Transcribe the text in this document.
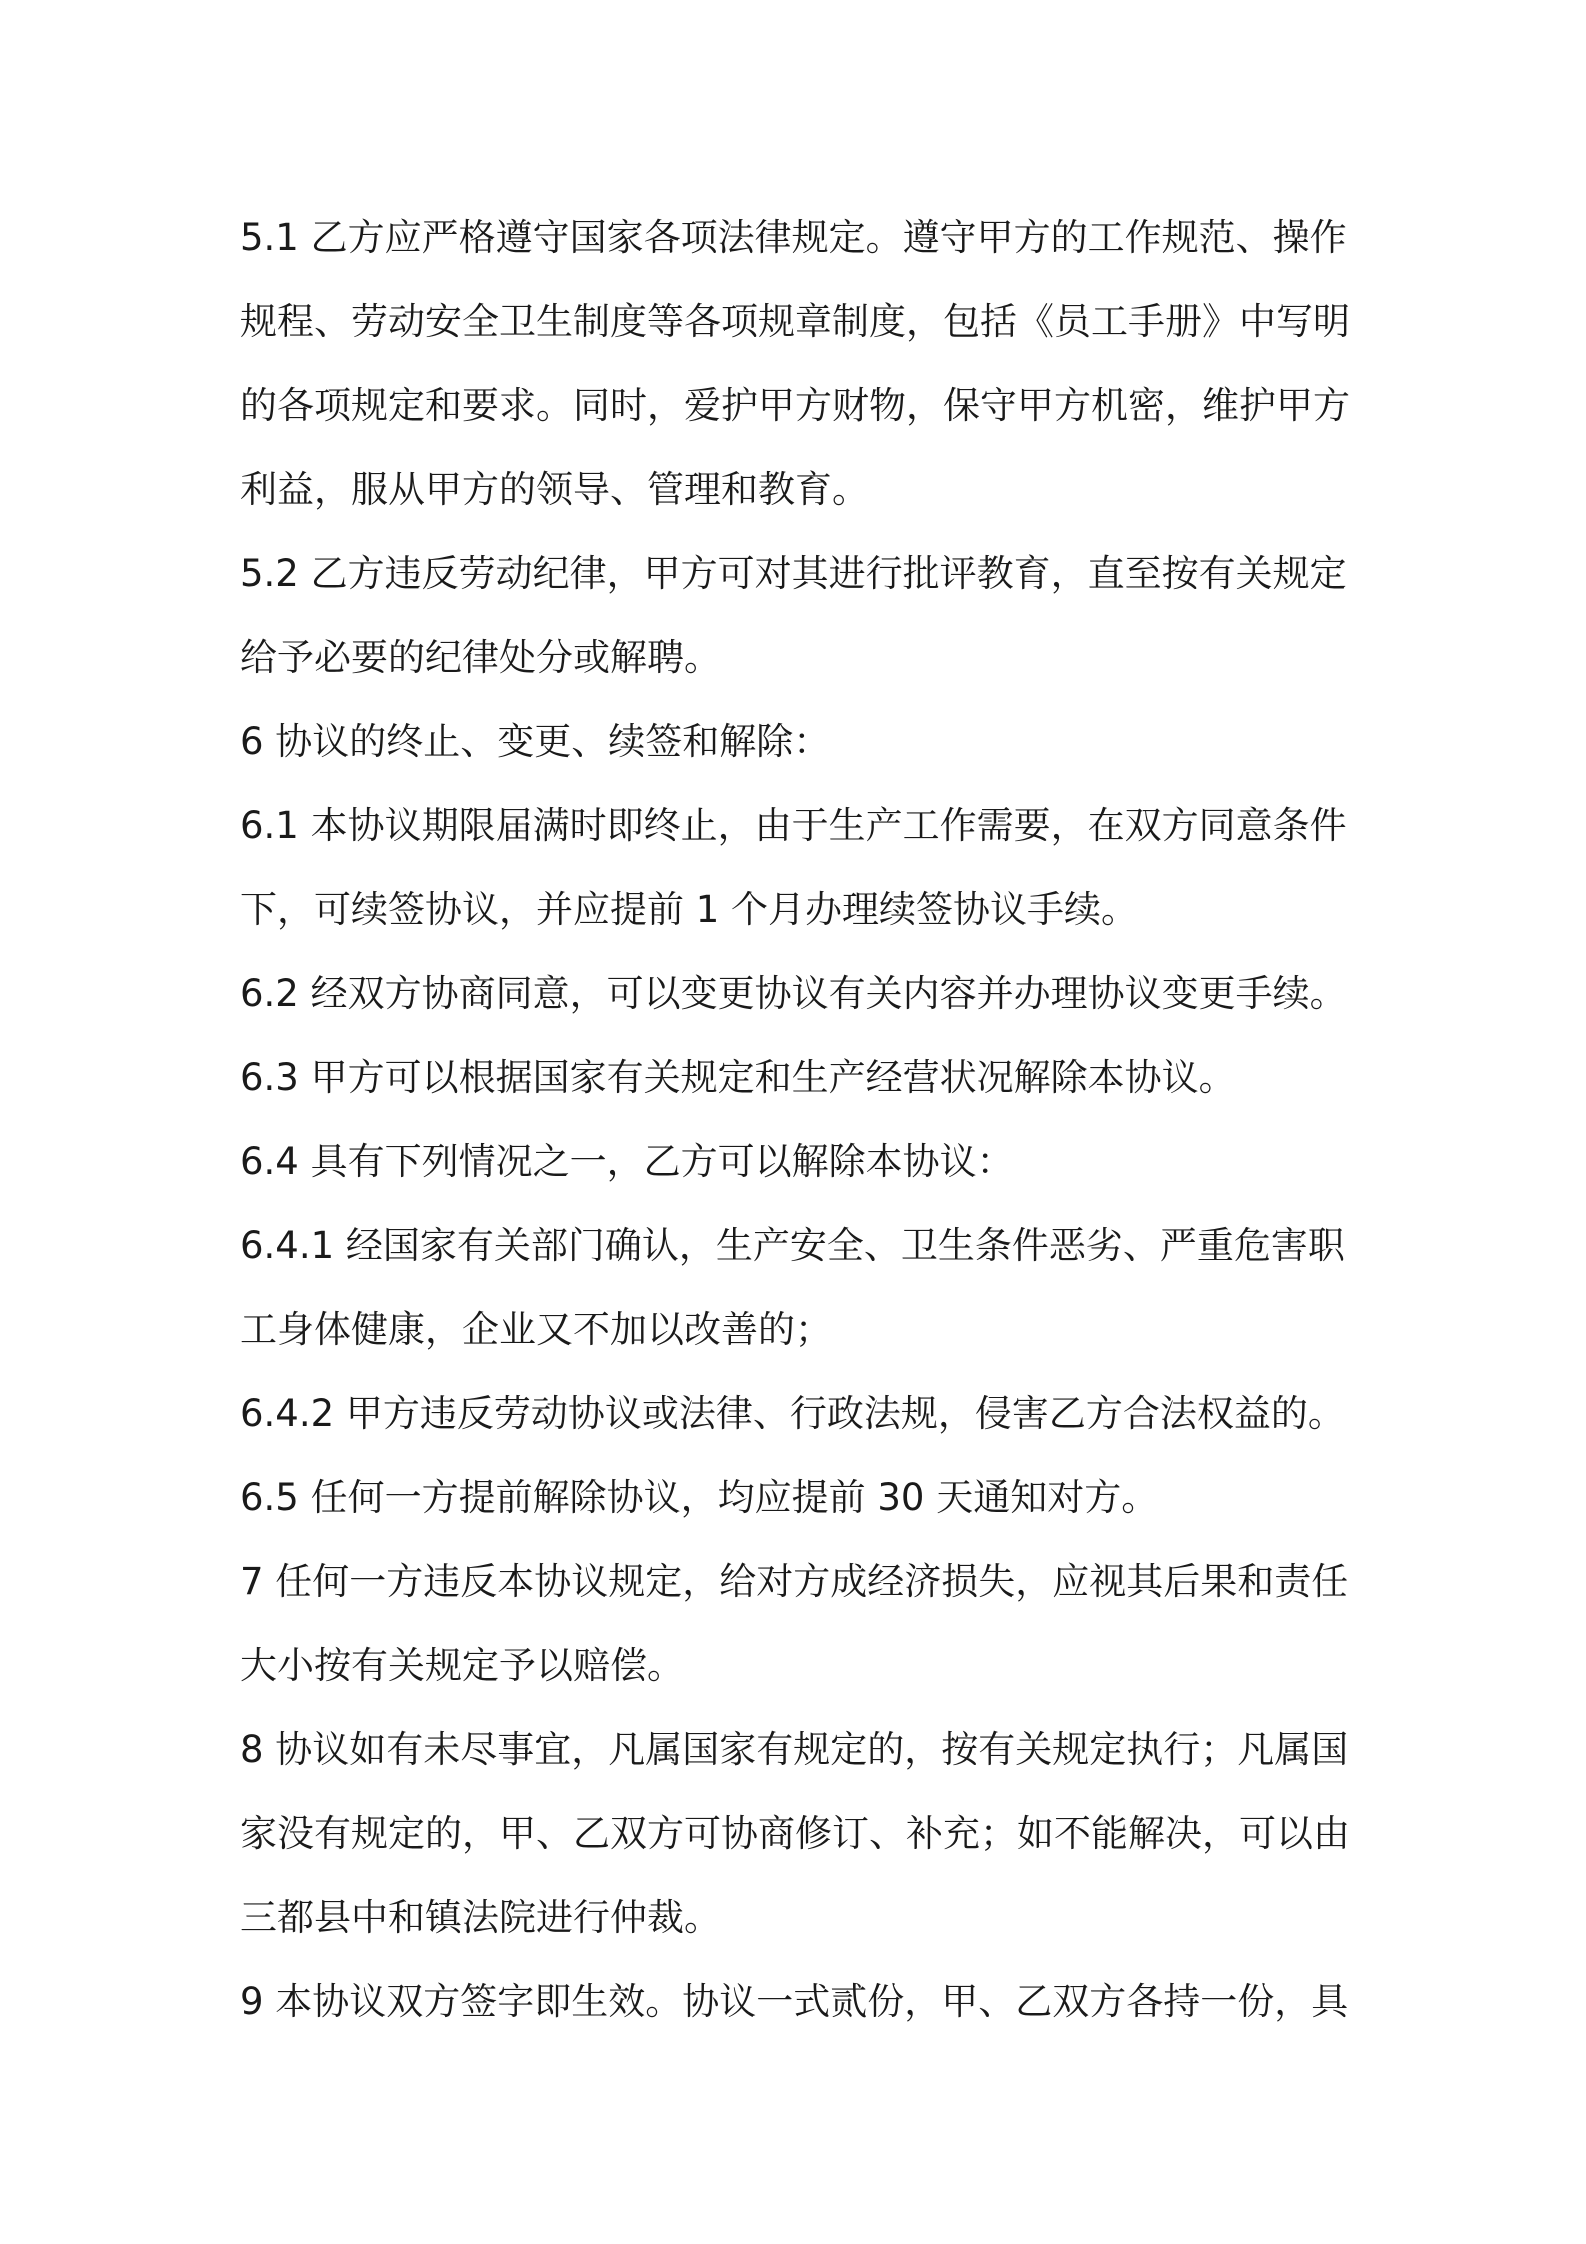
5.1 乙方应严格遵守国家各项法律规定。遵守甲方的工作规范、操作规程、劳动安全卫生制度等各项规章制度，包括《员工手册》中写明的各项规定和要求。同时，爱护甲方财物，保守甲方机密，维护甲方利益，服从甲方的领导、管理和教育。

5.2 乙方违反劳动纪律，甲方可对其进行批评教育，直至按有关规定给予必要的纪律处分或解聘。

6 协议的终止、变更、续签和解除：

6.1 本协议期限届满时即终止，由于生产工作需要，在双方同意条件下，可续签协议，并应提前 1 个月办理续签协议手续。

6.2 经双方协商同意，可以变更协议有关内容并办理协议变更手续。

6.3 甲方可以根据国家有关规定和生产经营状况解除本协议。

6.4 具有下列情况之一，乙方可以解除本协议：

6.4.1 经国家有关部门确认，生产安全、卫生条件恶劣、严重危害职工身体健康，企业又不加以改善的；

6.4.2 甲方违反劳动协议或法律、行政法规，侵害乙方合法权益的。

6.5 任何一方提前解除协议，均应提前 30 天通知对方。

7 任何一方违反本协议规定，给对方成经济损失，应视其后果和责任大小按有关规定予以赔偿。

8 协议如有未尽事宜，凡属国家有规定的，按有关规定执行；凡属国家没有规定的，甲、乙双方可协商修订、补充；如不能解决，可以由三都县中和镇法院进行仲裁。

9 本协议双方签字即生效。协议一式贰份，甲、乙双方各持一份，具
